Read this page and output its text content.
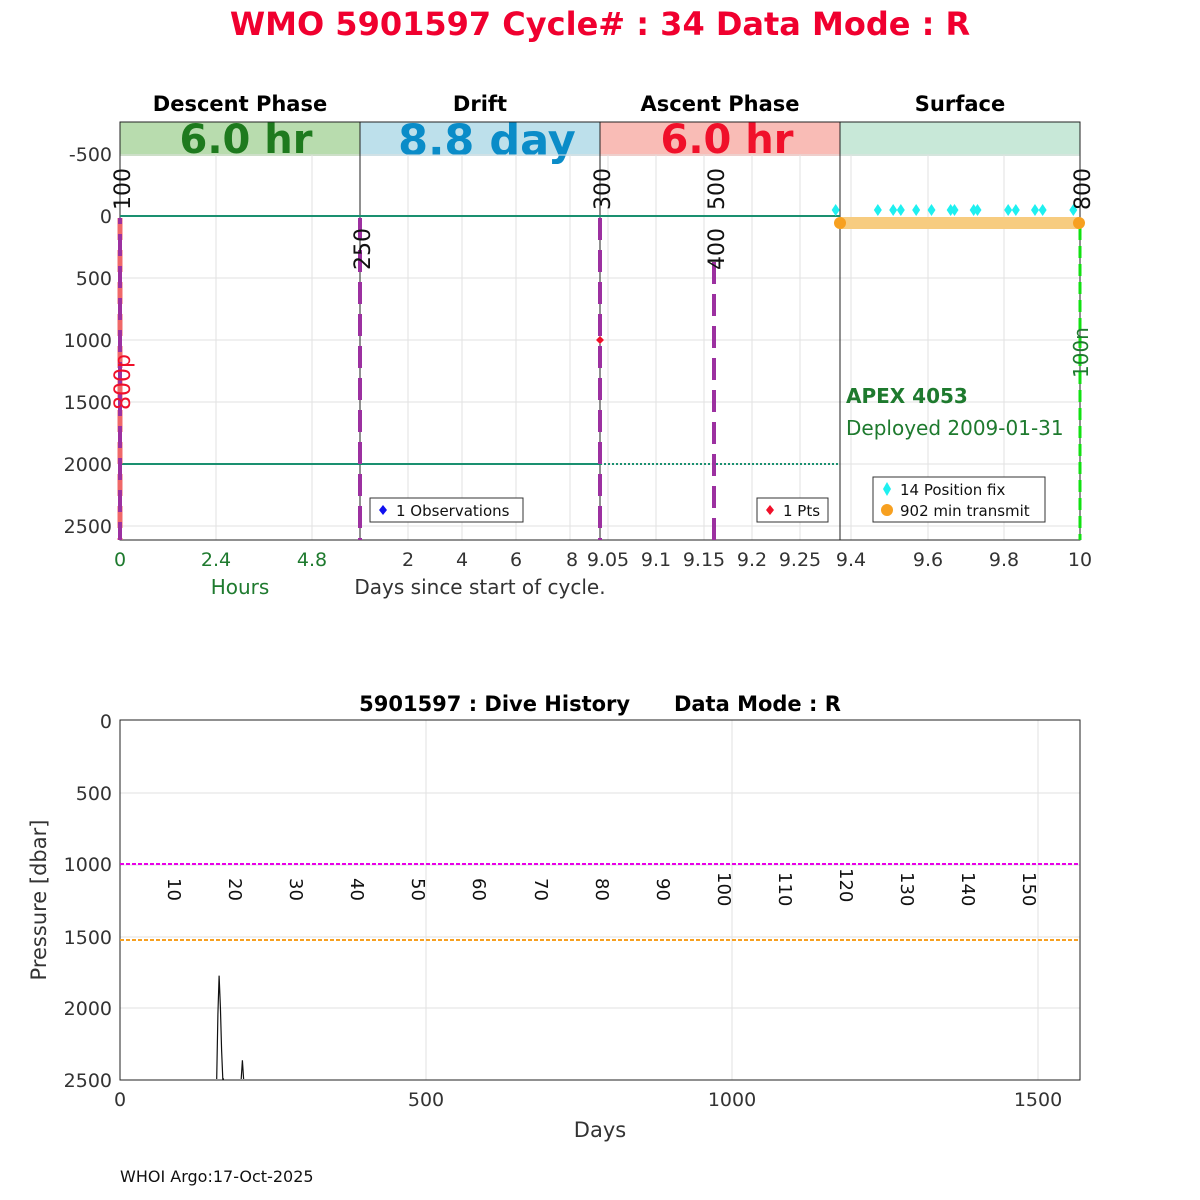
WMO 5901597 Cycle# : 34 Data Mode : R
Descent Phase	Drift	Ascent Phase	Surface
6.0 hr 8.8 day 6.0 hr
100
250
300	500
400
800
800p
100n
-500
0
500
1000
1500
2000
2500
0	2.4	4.8	2 4 6 8 9.05 9.1 9.15 9.2 9.25 9.4 9.6 9.8	10
Hours	Days since start of cycle.
APEX 4053
Deployed 2009-01-31
1 Observations	1 Pts
14 Position fix
902 min transmit
5901597 : Dive History      Data Mode : R
10 20 30 40 50 60 70 80 90 100 110 120 130 140 150
0
500
1000
1500
2000
2500
0	500	1000	1500
Days
Pressure [dbar]
WHOI Argo:17-Oct-2025
